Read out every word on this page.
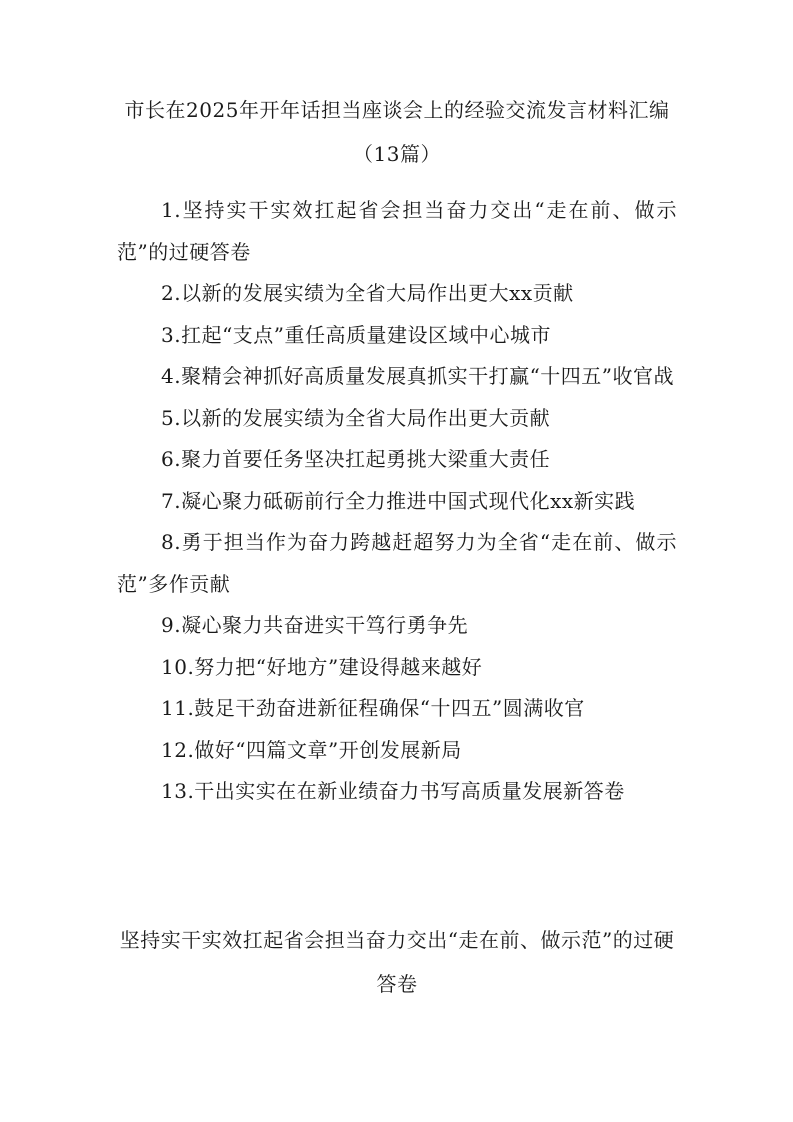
市长在2025年开年话担当座谈会上的经验交流发言材料汇编（13篇）
1.坚持实干实效扛起省会担当奋力交出“走在前、做示范”的过硬答卷
2.以新的发展实绩为全省大局作出更大xx贡献
3.扛起“支点”重任高质量建设区域中心城市
4.聚精会神抓好高质量发展真抓实干打赢“十四五”收官战
5.以新的发展实绩为全省大局作出更大贡献
6.聚力首要任务坚决扛起勇挑大梁重大责任
7.凝心聚力砥砺前行全力推进中国式现代化xx新实践
8.勇于担当作为奋力跨越赶超努力为全省“走在前、做示范”多作贡献
9.凝心聚力共奋进实干笃行勇争先
10.努力把“好地方”建设得越来越好
11.鼓足干劲奋进新征程确保“十四五”圆满收官
12.做好“四篇文章”开创发展新局
13.干出实实在在新业绩奋力书写高质量发展新答卷
坚持实干实效扛起省会担当奋力交出“走在前、做示范”的过硬答卷
